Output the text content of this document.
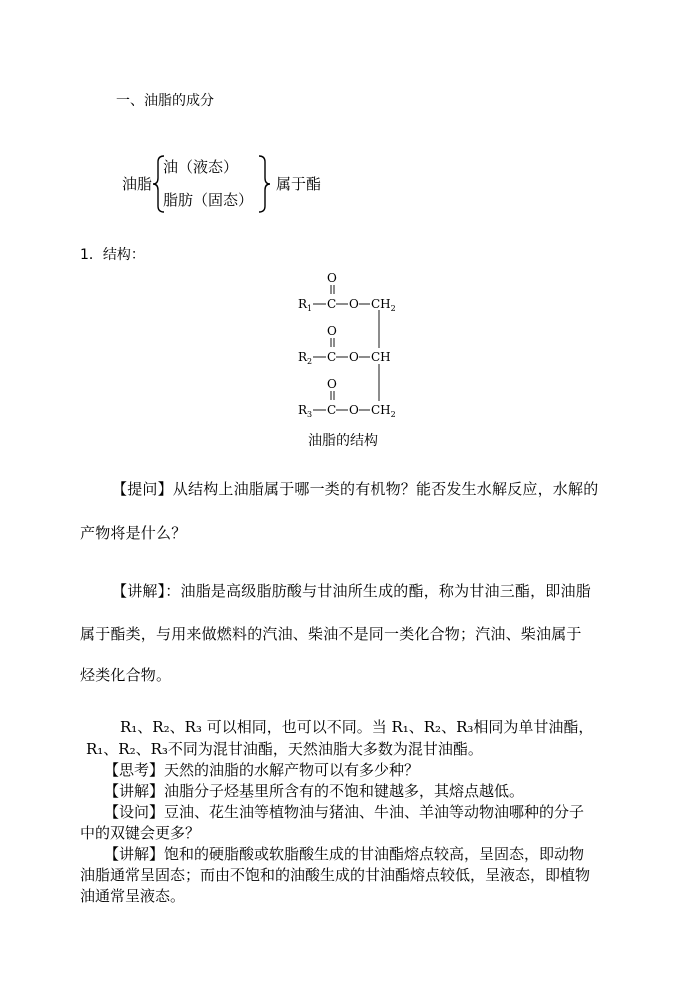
一、油脂的成分
油脂
油（液态）
脂肪（固态）
属于酯
1．结构：
O
$R_1$ C O $CH_2$
O
$R_2$ C O CH
O
$R_3$ C O $CH_2$
油脂的结构
【提问】从结构上油脂属于哪一类的有机物？能否发生水解反应，水解的
产物将是什么？
【讲解】：油脂是高级脂肪酸与甘油所生成的酯，称为甘油三酯，即油脂
属于酯类，与用来做燃料的汽油、柴油不是同一类化合物；汽油、柴油属于
烃类化合物。
R₁、R₂、R₃ 可以相同，也可以不同。当 R₁、R₂、R₃相同为单甘油酯，
R₁、R₂、R₃不同为混甘油酯，天然油脂大多数为混甘油酯。
【思考】天然的油脂的水解产物可以有多少种？
【讲解】油脂分子烃基里所含有的不饱和键越多，其熔点越低。
【设问】豆油、花生油等植物油与猪油、牛油、羊油等动物油哪种的分子
中的双键会更多？
【讲解】饱和的硬脂酸或软脂酸生成的甘油酯熔点较高，呈固态，即动物
油脂通常呈固态；而由不饱和的油酸生成的甘油酯熔点较低，呈液态，即植物
油通常呈液态。
